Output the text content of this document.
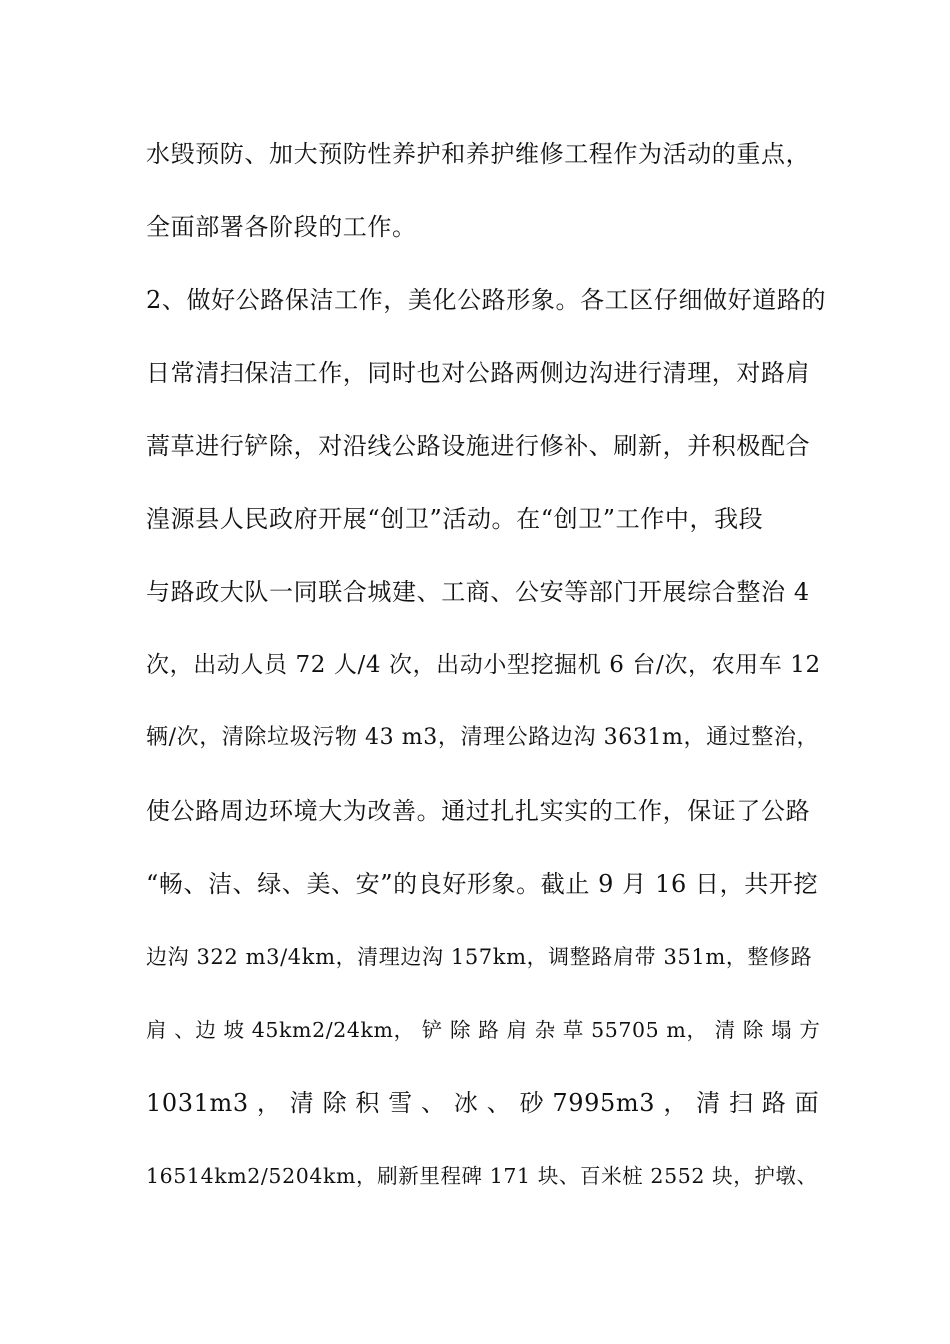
水毁预防、加大预防性养护和养护维修工程作为活动的重点，
全面部署各阶段的工作。
2、做好公路保洁工作，美化公路形象。各工区仔细做好道路的
日常清扫保洁工作，同时也对公路两侧边沟进行清理，对路肩
蒿草进行铲除，对沿线公路设施进行修补、刷新，并积极配合
湟源县人民政府开展“创卫”活动。在“创卫”工作中，我段
与路政大队一同联合城建、工商、公安等部门开展综合整治 4
次，出动人员 72 人/4 次，出动小型挖掘机 6 台/次，农用车 12
辆/次，清除垃圾污物 43 m3，清理公路边沟 3631m，通过整治，
使公路周边环境大为改善。通过扎扎实实的工作，保证了公路
“畅、洁、绿、美、安”的良好形象。截止 9 月 16 日，共开挖
边沟 322 m3/4km，清理边沟 157km，调整路肩带 351m，整修路
肩 、边 坡 45km2/24km， 铲 除 路 肩 杂 草 55705 m， 清 除 塌 方
1031m3 ， 清 除 积 雪 、 冰 、 砂 7995m3 ， 清 扫 路 面
16514km2/5204km，刷新里程碑 171 块、百米桩 2552 块，护墩、
